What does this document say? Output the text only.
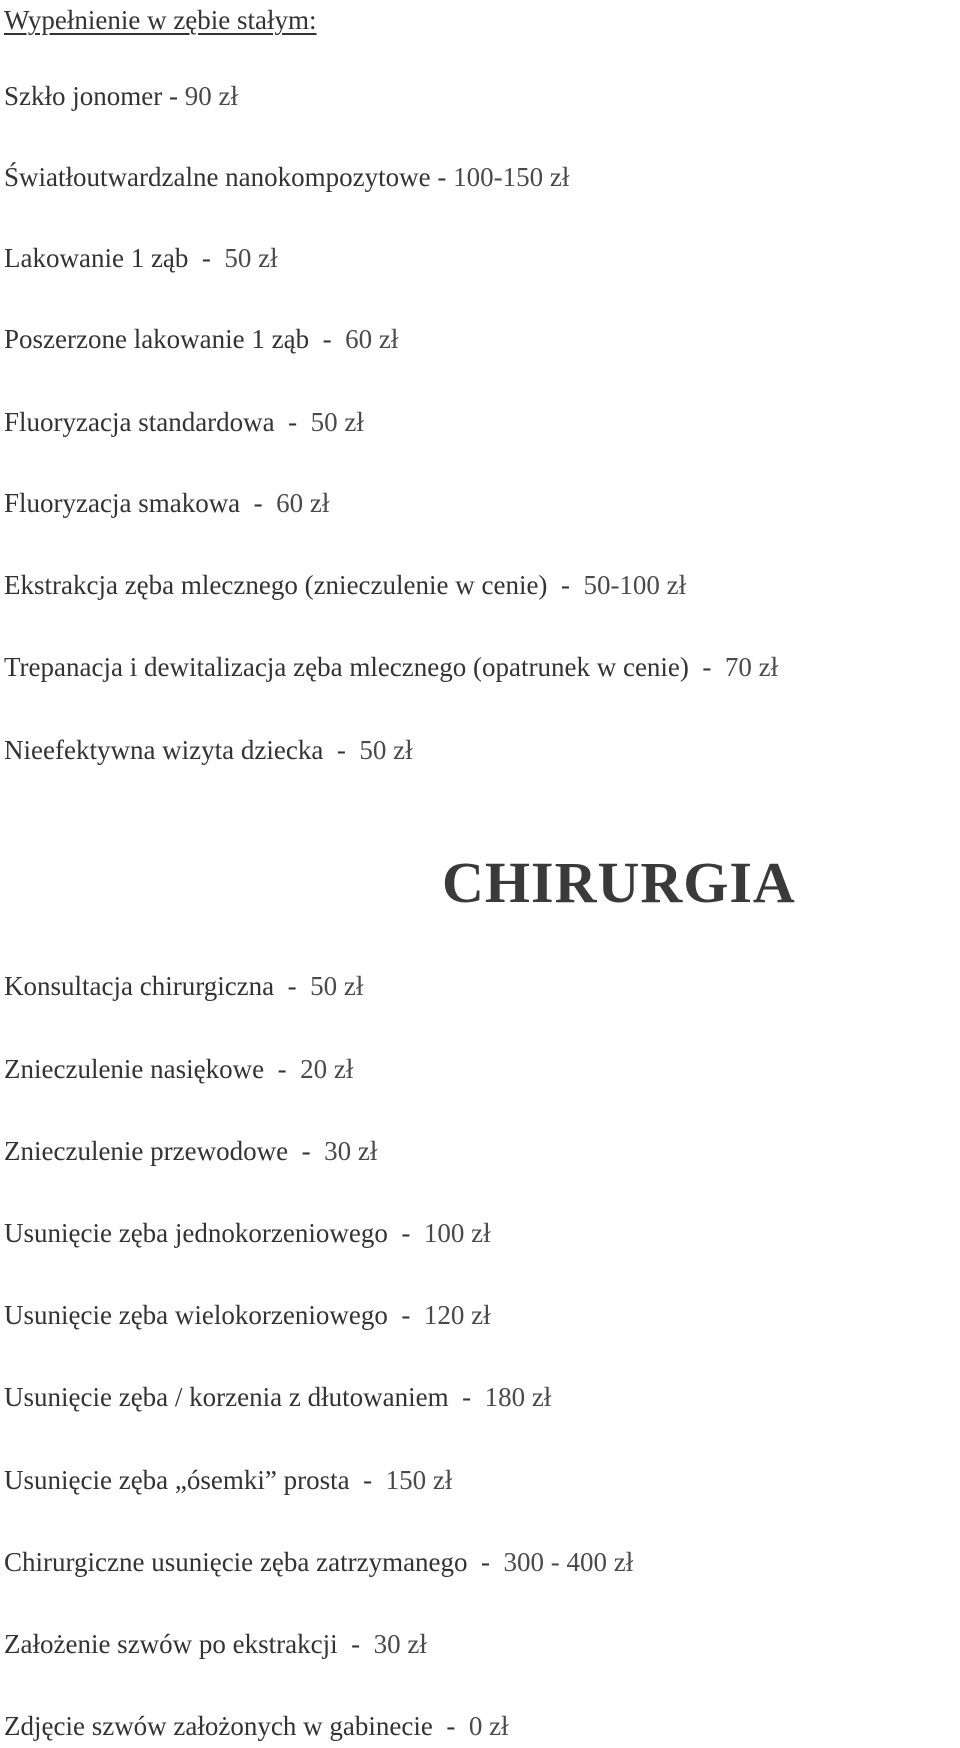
Wypełnienie w zębie stałym:

Szkło jonomer - 90 zł

Światłoutwardzalne nanokompozytowe - 100-150 zł

Lakowanie 1 ząb  -  50 zł

Poszerzone lakowanie 1 ząb  -  60 zł

Fluoryzacja standardowa  -  50 zł

Fluoryzacja smakowa  -  60 zł

Ekstrakcja zęba mlecznego (znieczulenie w cenie)  -  50-100 zł

Trepanacja i dewitalizacja zęba mlecznego (opatrunek w cenie)  -  70 zł

Nieefektywna wizyta dziecka  -  50 zł

CHIRURGIA

Konsultacja chirurgiczna  -  50 zł

Znieczulenie nasiękowe  -  20 zł

Znieczulenie przewodowe  -  30 zł

Usunięcie zęba jednokorzeniowego  -  100 zł

Usunięcie zęba wielokorzeniowego  -  120 zł

Usunięcie zęba / korzenia z dłutowaniem  -  180 zł

Usunięcie zęba „ósemki” prosta  -  150 zł

Chirurgiczne usunięcie zęba zatrzymanego  -  300 - 400 zł

Założenie szwów po ekstrakcji  -  30 zł

Zdjęcie szwów założonych w gabinecie  -  0 zł
